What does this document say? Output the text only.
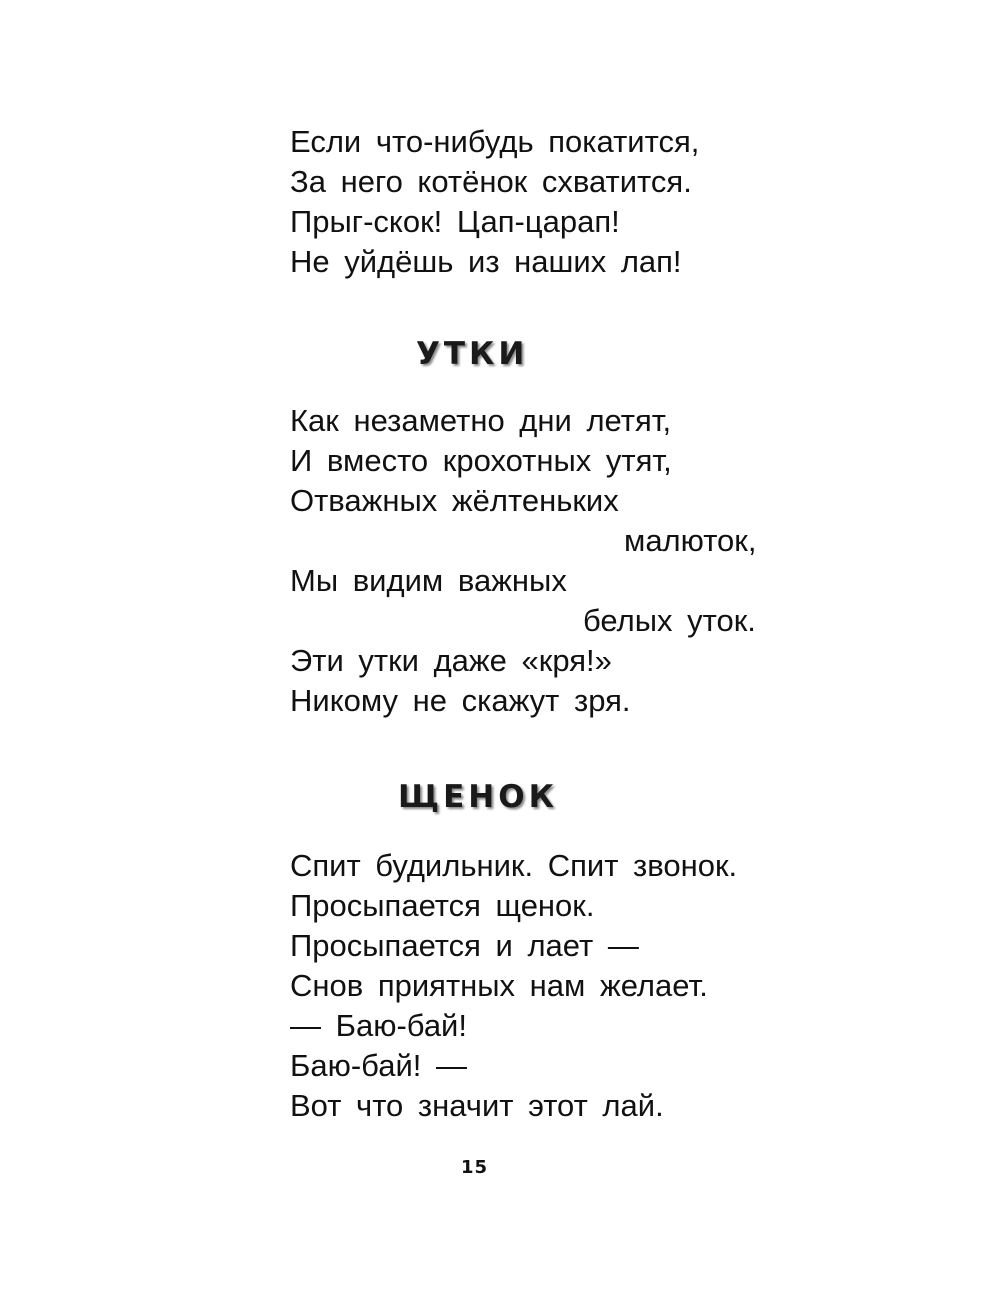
Если что-нибудь покатится,
За него котёнок схватится.
Прыг-скок! Цап-царап!
Не уйдёшь из наших лап!
УТКИ
Как незаметно дни летят,
И вместо крохотных утят,
Отважных жёлтеньких
малюток,
Мы видим важных
белых уток.
Эти утки даже «кря!»
Никому не скажут зря.
ЩЕНОК
Спит будильник. Спит звонок.
Просыпается щенок.
Просыпается и лает —
Снов приятных нам желает.
— Баю-бай!
Баю-бай! —
Вот что значит этот лай.
15
